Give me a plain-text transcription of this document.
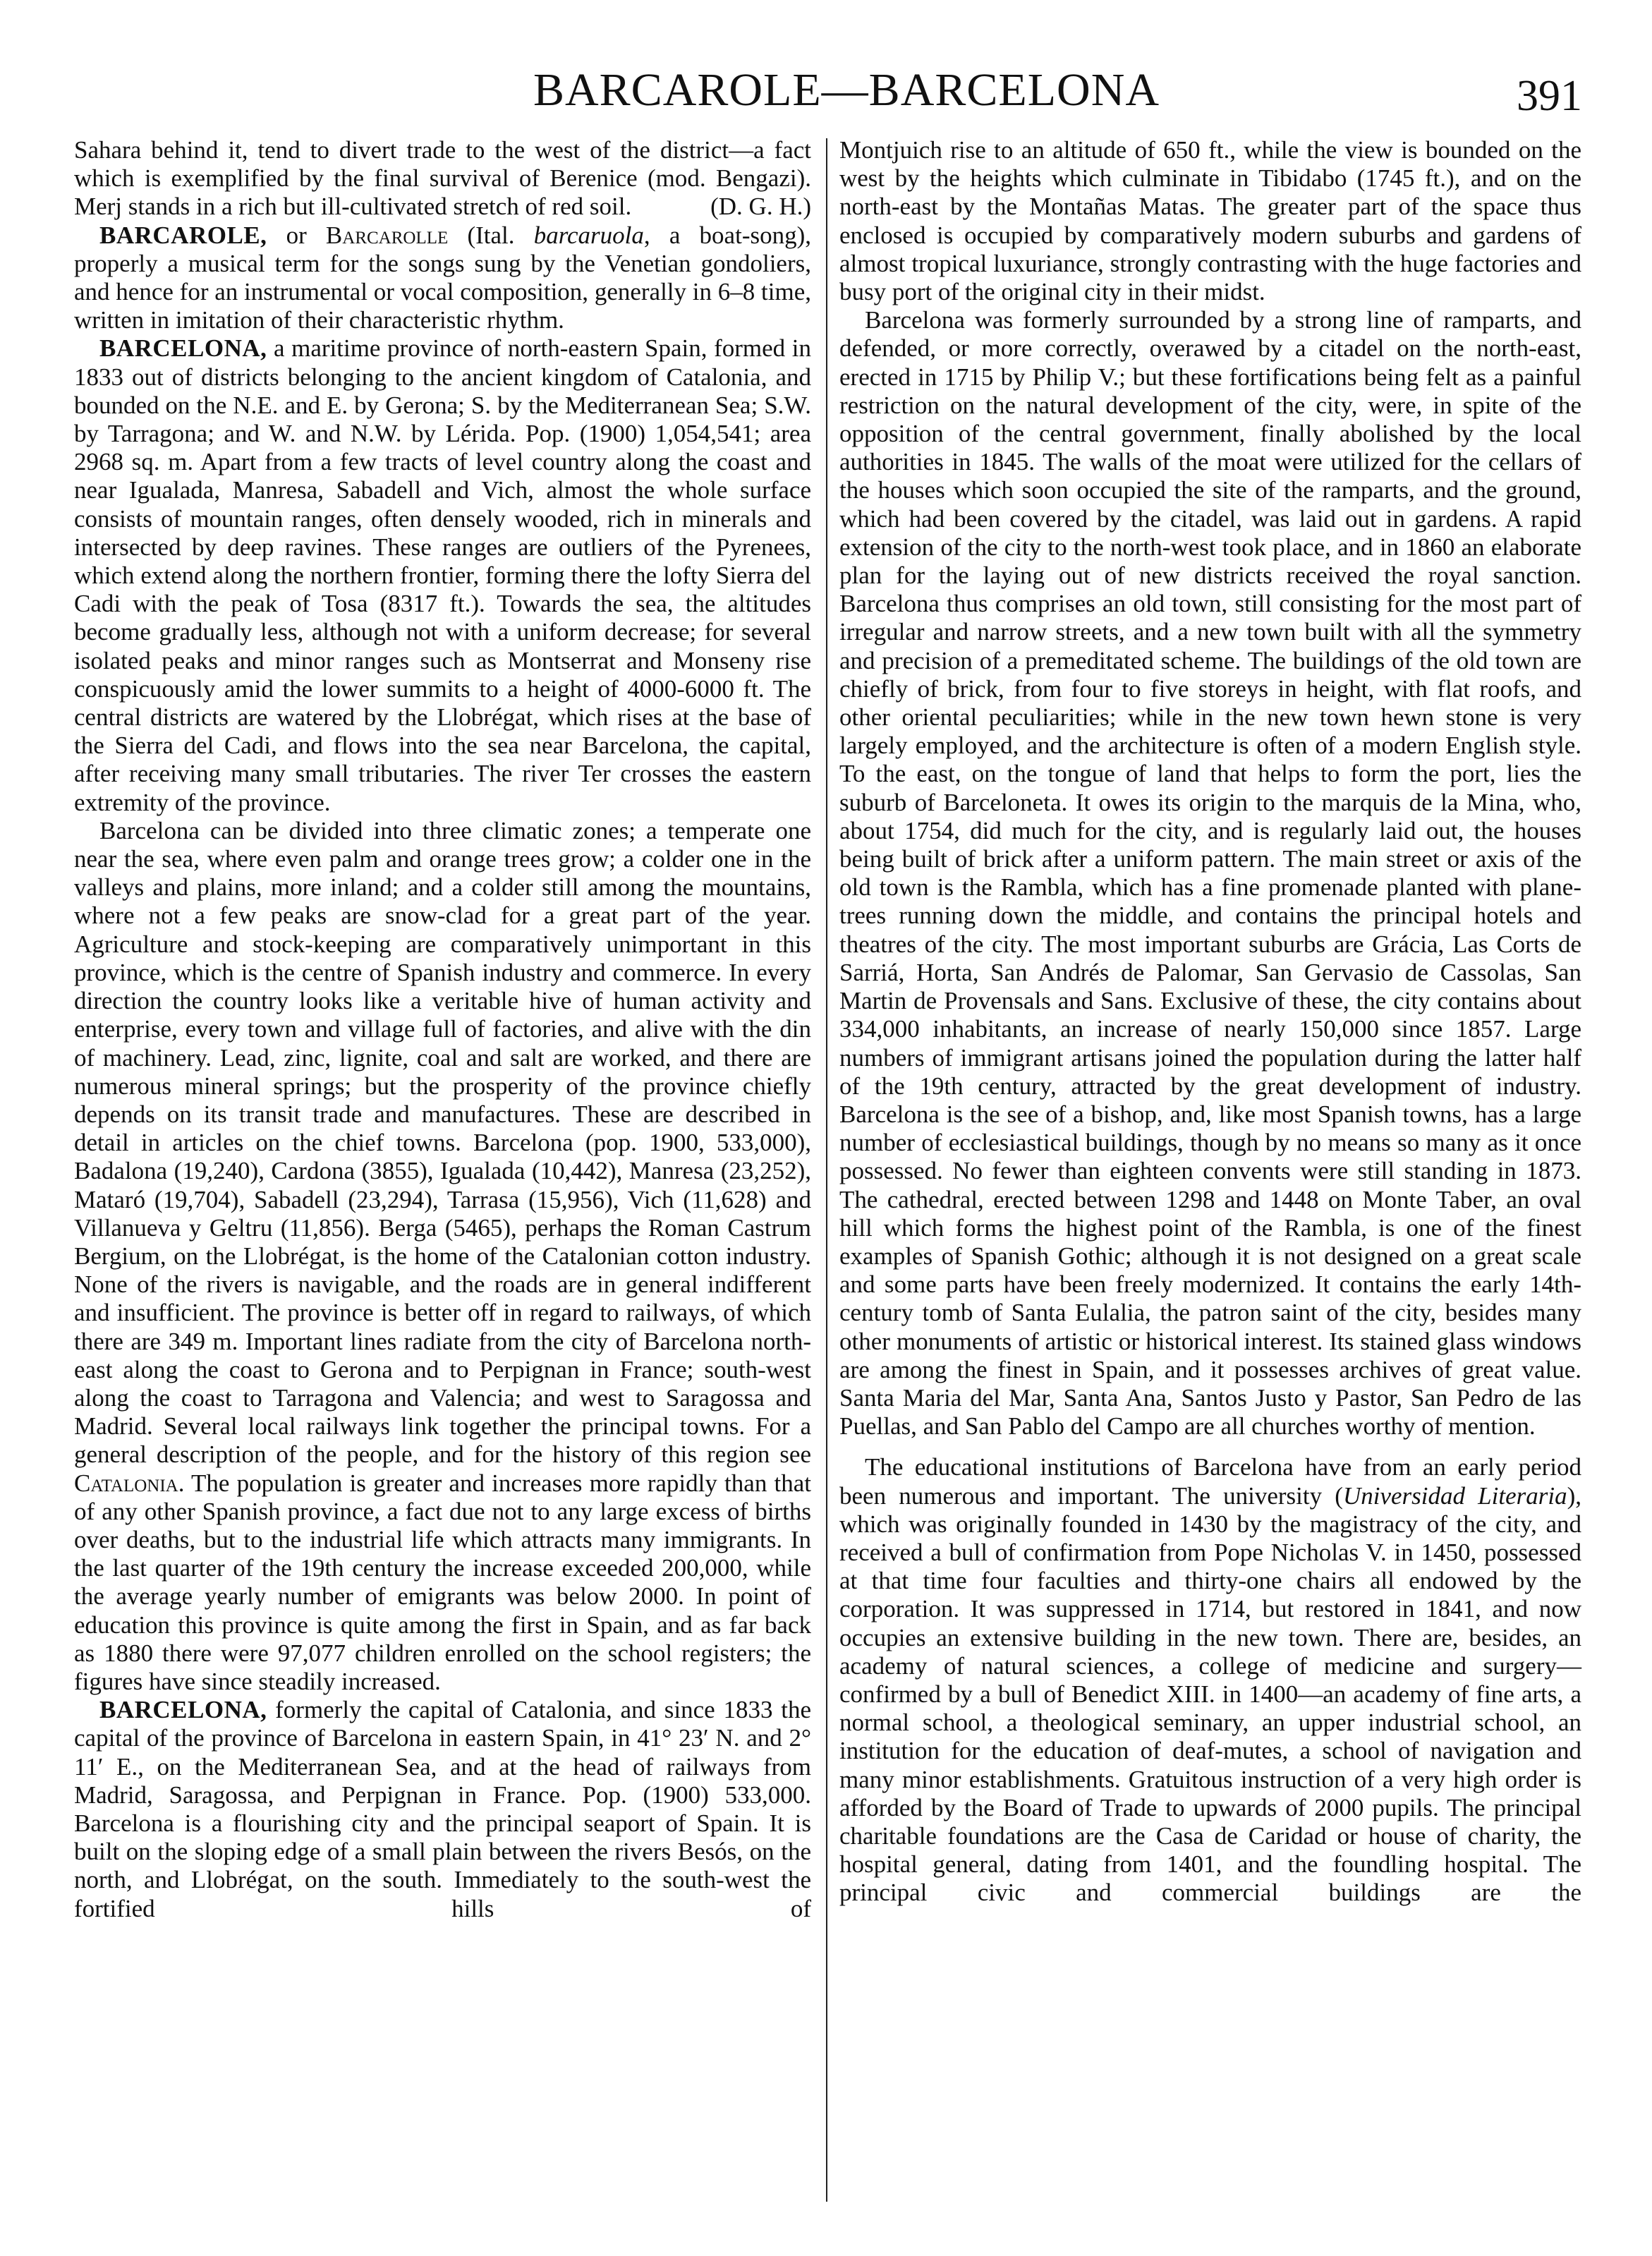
BARCAROLE—BARCELONA	391

Sahara behind it, tend to divert trade to the west of the district—a fact which is exemplified by the final survival of Berenice (mod. Bengazi). Merj stands in a rich but ill-cultivated stretch of red soil.	(D. G. H.)

BARCAROLE, or Barcarolle (Ital. barcaruola, a boat-song), properly a musical term for the songs sung by the Venetian gondoliers, and hence for an instrumental or vocal composition, generally in 6–8 time, written in imitation of their characteristic rhythm.

BARCELONA, a maritime province of north-eastern Spain, formed in 1833 out of districts belonging to the ancient kingdom of Catalonia, and bounded on the N.E. and E. by Gerona; S. by the Mediterranean Sea; S.W. by Tarragona; and W. and N.W. by Lérida. Pop. (1900) 1,054,541; area 2968 sq. m. Apart from a few tracts of level country along the coast and near Igualada, Manresa, Sabadell and Vich, almost the whole surface consists of mountain ranges, often densely wooded, rich in minerals and intersected by deep ravines. These ranges are outliers of the Pyrenees, which extend along the northern frontier, forming there the lofty Sierra del Cadi with the peak of Tosa (8317 ft.). Towards the sea, the altitudes become gradually less, although not with a uniform decrease; for several isolated peaks and minor ranges such as Montserrat and Monseny rise conspicuously amid the lower summits to a height of 4000-6000 ft. The central districts are watered by the Llobrégat, which rises at the base of the Sierra del Cadi, and flows into the sea near Barcelona, the capital, after receiving many small tributaries. The river Ter crosses the eastern extremity of the province.

Barcelona can be divided into three climatic zones; a temperate one near the sea, where even palm and orange trees grow; a colder one in the valleys and plains, more inland; and a colder still among the mountains, where not a few peaks are snow-clad for a great part of the year. Agriculture and stock-keeping are comparatively unimportant in this province, which is the centre of Spanish industry and commerce. In every direction the country looks like a veritable hive of human activity and enterprise, every town and village full of factories, and alive with the din of machinery. Lead, zinc, lignite, coal and salt are worked, and there are numerous mineral springs; but the prosperity of the province chiefly depends on its transit trade and manufactures. These are described in detail in articles on the chief towns. Barcelona (pop. 1900, 533,000), Badalona (19,240), Cardona (3855), Igualada (10,442), Manresa (23,252), Mataró (19,704), Sabadell (23,294), Tarrasa (15,956), Vich (11,628) and Villanueva y Geltru (11,856). Berga (5465), perhaps the Roman Castrum Bergium, on the Llobrégat, is the home of the Catalonian cotton industry. None of the rivers is navigable, and the roads are in general indifferent and insufficient. The province is better off in regard to railways, of which there are 349 m. Important lines radiate from the city of Barcelona north-east along the coast to Gerona and to Perpignan in France; south-west along the coast to Tarragona and Valencia; and west to Saragossa and Madrid. Several local railways link together the principal towns. For a general description of the people, and for the history of this region see Catalonia. The population is greater and increases more rapidly than that of any other Spanish province, a fact due not to any large excess of births over deaths, but to the industrial life which attracts many immigrants. In the last quarter of the 19th century the increase exceeded 200,000, while the average yearly number of emigrants was below 2000. In point of education this province is quite among the first in Spain, and as far back as 1880 there were 97,077 children enrolled on the school registers; the figures have since steadily increased.

BARCELONA, formerly the capital of Catalonia, and since 1833 the capital of the province of Barcelona in eastern Spain, in 41° 23′ N. and 2° 11′ E., on the Mediterranean Sea, and at the head of railways from Madrid, Saragossa, and Perpignan in France. Pop. (1900) 533,000. Barcelona is a flourishing city and the principal seaport of Spain. It is built on the sloping edge of a small plain between the rivers Besós, on the north, and Llobrégat, on the south. Immediately to the south-west the fortified hills of

Montjuich rise to an altitude of 650 ft., while the view is bounded on the west by the heights which culminate in Tibidabo (1745 ft.), and on the north-east by the Montañas Matas. The greater part of the space thus enclosed is occupied by comparatively modern suburbs and gardens of almost tropical luxuriance, strongly contrasting with the huge factories and busy port of the original city in their midst.

Barcelona was formerly surrounded by a strong line of ramparts, and defended, or more correctly, overawed by a citadel on the north-east, erected in 1715 by Philip V.; but these fortifications being felt as a painful restriction on the natural development of the city, were, in spite of the opposition of the central government, finally abolished by the local authorities in 1845. The walls of the moat were utilized for the cellars of the houses which soon occupied the site of the ramparts, and the ground, which had been covered by the citadel, was laid out in gardens. A rapid extension of the city to the north-west took place, and in 1860 an elaborate plan for the laying out of new districts received the royal sanction. Barcelona thus comprises an old town, still consisting for the most part of irregular and narrow streets, and a new town built with all the symmetry and precision of a premeditated scheme. The buildings of the old town are chiefly of brick, from four to five storeys in height, with flat roofs, and other oriental peculiarities; while in the new town hewn stone is very largely employed, and the architecture is often of a modern English style. To the east, on the tongue of land that helps to form the port, lies the suburb of Barceloneta. It owes its origin to the marquis de la Mina, who, about 1754, did much for the city, and is regularly laid out, the houses being built of brick after a uniform pattern. The main street or axis of the old town is the Rambla, which has a fine promenade planted with plane-trees running down the middle, and contains the principal hotels and theatres of the city. The most important suburbs are Grácia, Las Corts de Sarriá, Horta, San Andrés de Palomar, San Gervasio de Cassolas, San Martin de Provensals and Sans. Exclusive of these, the city contains about 334,000 inhabitants, an increase of nearly 150,000 since 1857. Large numbers of immigrant artisans joined the population during the latter half of the 19th century, attracted by the great development of industry. Barcelona is the see of a bishop, and, like most Spanish towns, has a large number of ecclesiastical buildings, though by no means so many as it once possessed. No fewer than eighteen convents were still standing in 1873. The cathedral, erected between 1298 and 1448 on Monte Taber, an oval hill which forms the highest point of the Rambla, is one of the finest examples of Spanish Gothic; although it is not designed on a great scale and some parts have been freely modernized. It contains the early 14th-century tomb of Santa Eulalia, the patron saint of the city, besides many other monuments of artistic or historical interest. Its stained glass windows are among the finest in Spain, and it possesses archives of great value. Santa Maria del Mar, Santa Ana, Santos Justo y Pastor, San Pedro de las Puellas, and San Pablo del Campo are all churches worthy of mention.

The educational institutions of Barcelona have from an early period been numerous and important. The university (Universidad Literaria), which was originally founded in 1430 by the magistracy of the city, and received a bull of confirmation from Pope Nicholas V. in 1450, possessed at that time four faculties and thirty-one chairs all endowed by the corporation. It was suppressed in 1714, but restored in 1841, and now occupies an extensive building in the new town. There are, besides, an academy of natural sciences, a college of medicine and surgery—confirmed by a bull of Benedict XIII. in 1400—an academy of fine arts, a normal school, a theological seminary, an upper industrial school, an institution for the education of deaf-mutes, a school of navigation and many minor establishments. Gratuitous instruction of a very high order is afforded by the Board of Trade to upwards of 2000 pupils. The principal charitable foundations are the Casa de Caridad or house of charity, the hospital general, dating from 1401, and the foundling hospital. The principal civic and commercial buildings are the
